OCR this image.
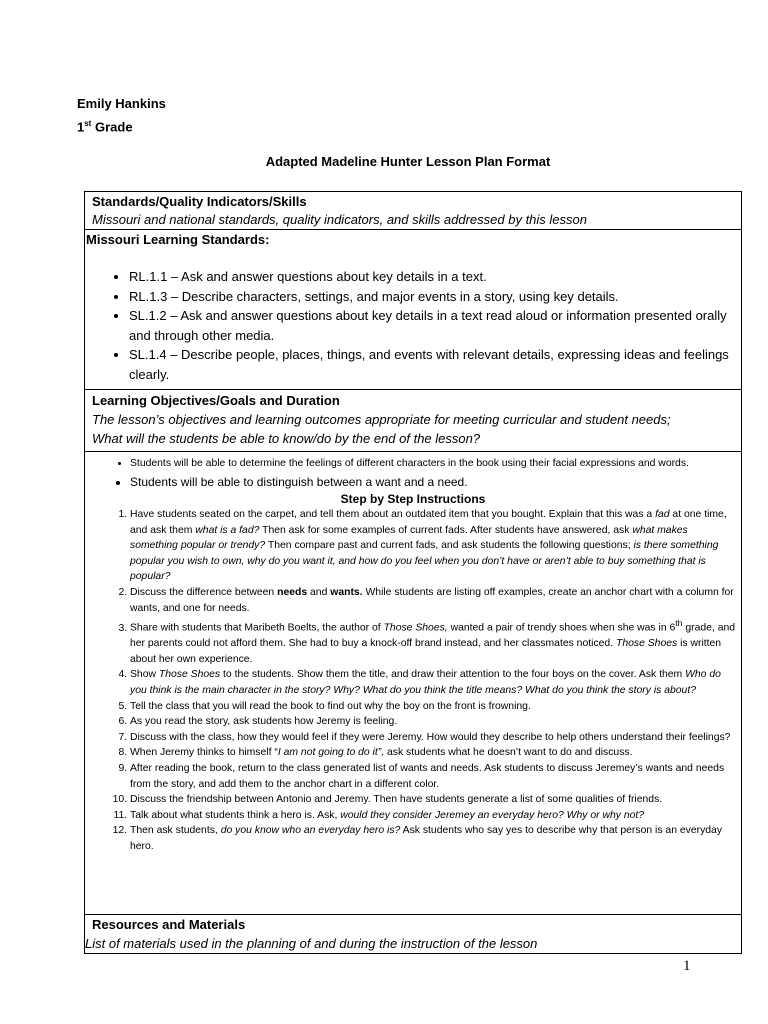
Emily Hankins
1st Grade
Adapted Madeline Hunter Lesson Plan Format
Standards/Quality Indicators/Skills
Missouri and national standards, quality indicators, and skills addressed by this lesson
Missouri Learning Standards:
• RL.1.1 – Ask and answer questions about key details in a text.
• RL.1.3 – Describe characters, settings, and major events in a story, using key details.
• SL.1.2 – Ask and answer questions about key details in a text read aloud or information presented orally and through other media.
• SL.1.4 – Describe people, places, things, and events with relevant details, expressing ideas and feelings clearly.
Learning Objectives/Goals and Duration
The lesson’s objectives and learning outcomes appropriate for meeting curricular and student needs;
What will the students be able to know/do by the end of the lesson?
• Students will be able to determine the feelings of different characters in the book using their facial expressions and words.
• Students will be able to distinguish between a want and a need.
Step by Step Instructions
1. Have students seated on the carpet, and tell them about an outdated item that you bought. Explain that this was a fad at one time, and ask them what is a fad? Then ask for some examples of current fads. After students have answered, ask what makes something popular or trendy? Then compare past and current fads, and ask students the following questions; is there something popular you wish to own, why do you want it, and how do you feel when you don’t have or aren’t able to buy something that is popular?
2. Discuss the difference between needs and wants. While students are listing off examples, create an anchor chart with a column for wants, and one for needs.
3. Share with students that Maribeth Boelts, the author of Those Shoes, wanted a pair of trendy shoes when she was in 6th grade, and her parents could not afford them. She had to buy a knock-off brand instead, and her classmates noticed. Those Shoes is written about her own experience.
4. Show Those Shoes to the students. Show them the title, and draw their attention to the four boys on the cover. Ask them Who do you think is the main character in the story? Why? What do you think the title means? What do you think the story is about?
5. Tell the class that you will read the book to find out why the boy on the front is frowning.
6. As you read the story, ask students how Jeremy is feeling.
7. Discuss with the class, how they would feel if they were Jeremy. How would they describe to help others understand their feelings?
8. When Jeremy thinks to himself “I am not going to do it”, ask students what he doesn’t want to do and discuss.
9. After reading the book, return to the class generated list of wants and needs. Ask students to discuss Jeremey’s wants and needs from the story, and add them to the anchor chart in a different color.
10. Discuss the friendship between Antonio and Jeremy. Then have students generate a list of some qualities of friends.
11. Talk about what students think a hero is. Ask, would they consider Jeremey an everyday hero? Why or why not?
12. Then ask students, do you know who an everyday hero is? Ask students who say yes to describe why that person is an everyday hero.
Resources and Materials
List of materials used in the planning of and during the instruction of the lesson
1
